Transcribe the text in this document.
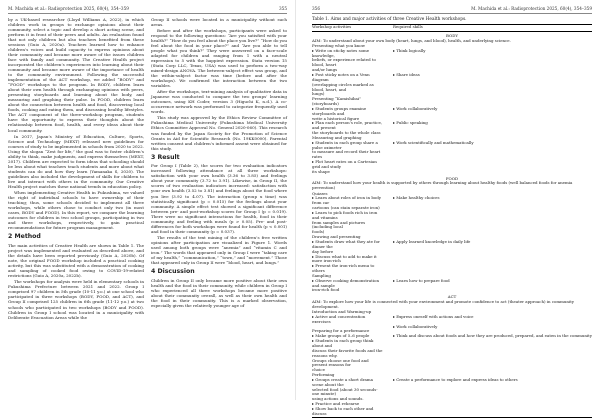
M. Machida et al.: Radioprotection 2025, 60(4), 354–359	355
by a UK-based researcher (Lloyd Williams A, 2022), in which children work in groups to exchange opinions about their community, select a topic and develop a short acting scene, and perform it in front of their peers and adults. An evaluation found that not only children but also teachers benefited from these sessions (Guio A, 2020a). Teachers learned how to enhance children’s voices and build capacity to express opinions about their community and became more aware of the issues children face with family and community. The Creative Health project incorporated the children’s experiences into learning about their community and became more aware of the importance of health to the community environment. Following the successful implementation of the ACT workshop, we added “BODY” and “FOOD” workshops to the program. In BODY, children learn about their own health through exchanging opinions with peers, presenting storyboards and learning about the body, and measuring and graphing their pulse. In FOOD, children learn about the connection between health and food, discovering local foods, cooking and eating them, and discussing healthy lifestyles. The ACT component of the three-workshop program, students have the opportunity to express their thoughts about the relationship between food, health, and every ideas about their local community.
In 2017, Japan’s Ministry of Education, Culture, Sports, Science and Technology (MEXT) released new guidelines for courses of study to be implemented in schools from 2020 to 2022. Using the slogan “Zest for life,” the goal was to foster children’s ability to think, make judgments, and express themselves (MEXT, 2017). Children are expected to form ideas that schooling should be less about what teachers teach students and more about what students can do and how they learn (Yamanaka S, 2020). The guidelines also included the development of skills for children to live and interact with others in the community. Our Creative Health project matches these national trends in education policy.
When implementing Creative Health in Fukushima, we valued the right of individual schools to have ownership of their teaching; thus, some schools decided to implement all three workshops, while others chose to conduct only two (in most cases, BODY and FOOD). In this report, we compare the learning outcomes for children in two school groups, participating in two and three workshops, respectively, to gain practical recommendations for future program management.
2 Method
The main activities of Creative Health are shown in Table 1. The project was implemented and evaluated as described above, and the details have been reported previously (Guio A, 2020b). Of note, the original FOOD workshop included a practical cooking activity, but this was substituted with a demonstration of cooking and sampling of cooked food owing to COVID-19-related restrictions (Guio A, 2020a, 2022b).
The workshops for analysis were held in elementary schools in Fukushima Prefecture between 2021 and 2022. Group I comprised 97 children in 5th grade (10-11 y.o.) at one school who participated in three workshops (BODY, FOOD, and ACT), and Group II comprised 125 children in 6th grade (11-12 y.o.) at two schools who participated in two workshops (BODY and FOOD). Children in Group I school was located in a municipality with Deliberate Evacuation Areas while the
Group II schools were located in a municipality without such areas.
Before and after the workshops, participants were asked to respond to the following questions: “Are you satisfied with your health?” “How do you feel about the place you live?” “How do you feel about the food in your place?” and “Are you able to tell people what you think?” They were answered on a face-scale adapted for children and ranging from 1 with a neutral expression to 5 with the happiest expression. Stata version 15 (Stata Corp LLC, Texas, USA) was used to perform a two-way mixed-design ANOVA. The between-subject effect was group, and the within-subject factor was time (before and after the workshops). We confirmed the interaction between the two variables.
After the workshops, text-mining analysis of qualitative data in Japanese was conducted to compare the two groups’ learning outcomes, using KH Coder, version 3 (Higuchi K, n.d.). A co-occurrence network was performed to categorize frequently used words.
This study was approved by the Ethics Review Committee of Fukushima Medical University (Fukushima Medical University Ethics Committee Approval No. General 2020-060). This research was funded by the Japan Society for the Promotion of Science Grants in Aid for Scientific Research (No. 19KK0000). Parental written consent and children’s informed assent were obtained for this study.
3 Result
For Group I (Table 2), the scores for two evaluation indicators increased following attendance at all three workshops: satisfaction with your own health (3.36 to 3.85) and feelings about your community (3.72 to 3.91). Likewise, in Group II, the scores of two evaluation indicators increased: satisfaction with your own health (3.52 to 3.81) and feelings about the food where you live (3.92 to 4.07). The interaction (group x time) was statistically significant (p = 0.015) for the feelings about your community. A simple effect test showed a significant difference between pre- and post-workshop scores for Group I (p = 0.019). There were no significant interactions for health, food in their community, and feeling with meals (p > 0.05). Pre- and post-differences for both workshops were found for health (p < 0.001) and food in their community (p = 0.037).
The results of the text mining of the children’s free written opinions after participation are visualized in Figure 1. Words used among both groups were “anemia” and “vitamin C and iron.” The words that appeared only in Group I were “taking care of my health,” “communication,” “town,” and “movement.” Those that appeared only in Group II were “blood, heart, and lungs.”
4 Discussion
Children in Group II only became more positive about their own health and the food in their community, while children in Group I who experienced all three workshops became more positive about their community overall, as well as their own health and the food in their community. This is a marked observation, especially given the relatively younger age of
356	M. Machida et al.: Radioprotection 2025, 60(4), 354–359
Table 1. Aims and major activities of three Creative Health workshops.
Workshop activities	Required skills
BODY	
AIM: To understand about your own body (heart, lungs, and blood), health, and underlying science.	
Presenting what you know	
▸ Write on sticky notes some knowledge,	▸ Think logically
beliefs, or experience related to blood, heart	
and/or lungs	
▸ Post sticky notes on a Venn diagram	▸ Share ideas
(overlapping circles marked as blood, heart, and	
lungs)	
Presenting “Kamishibai” (storyboards)	
▸ Students groups examine storyboards and	▸ Work collaboratively
write a historical figure	
▸ Plan each person’s role, practice, and present	▸ Public speaking
the storyboards to the whole class	
Measuring and graphing	
▸ Students in each group share a pulse oximeter	▸ Work scientifically and mathematically
to measure and record their heart rates	
▸ Plot heart rates on a Cartesian grid and study	
its shape	
FOOD	
AIM: To understand how your health is supported by others through learning about healthy foods (well balanced foods for anemia prevention)	
Quizzes	
▸ Learn about roles of iron in body from car	▸ Make healthy choices
cartoons (can stain separate iron)	
▸ Learn to pick foods rich in iron and vitamins	
from samples and pictures (including local	
foods)	
Drawing and presenting	
▸ Students draw what they ate for dinner the	▸ Apply learned knowledge in daily life
day before	
▸ Discuss what to add to make it more iron-rich	
▸ Present the iron-rich menu to others	
Sampling	
▸ Observe cooking demonstration and sample	▸ Learn how to prepare food
iron-rich food	
ACT	
AIM: To explore how your life is connected with your environment and promote confidence to act (theater approach) in community development.	
Introduction and Warming-up	
▸ Active and concentration exercises	▸ Express oneself with actions and voice
	▸ Work collaboratively
Preparing for a performance	
▸ Make groups of 5–6 people	▸ Think and discuss about foods and how they are produced, prepared, and eaten in the community
▸ Students in each group think about and	
discuss their favorite foods and the reasons why.	
Groups choose one food and present reasons for	
choice	
Performing	
▸ Groups create a short drama scene about the	▸ Create a performance to explore and express ideas to others
selected food (about 30 seconds-one minute)	
using actions and sounds.	
▸ Practice and rehearse	
▸ Show back to each other and discuss	
